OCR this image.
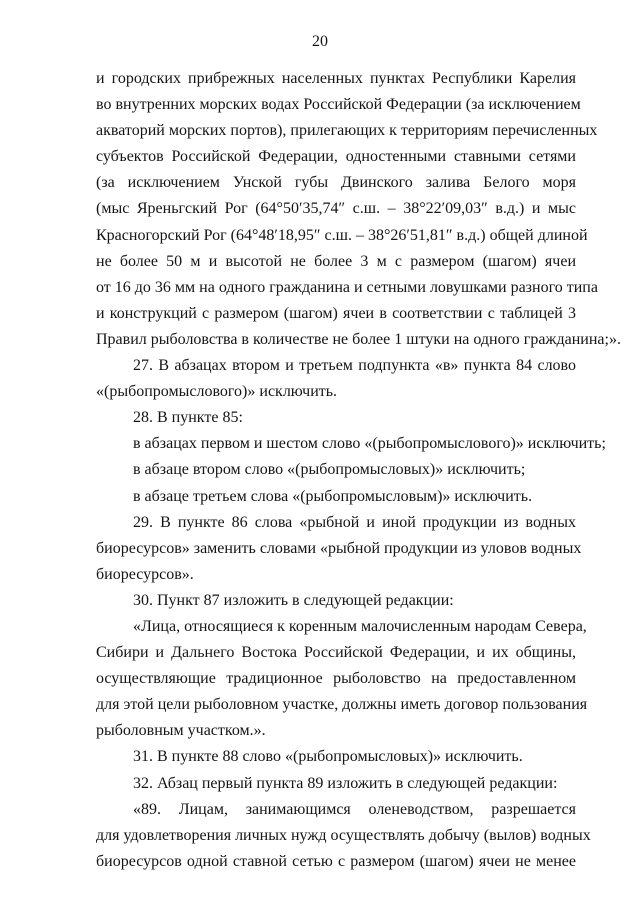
20

и городских прибрежных населенных пунктах Республики Карелия
во внутренних морских водах Российской Федерации (за исключением
акваторий морских портов), прилегающих к территориям перечисленных
субъектов Российской Федерации, одностенными ставными сетями
(за исключением Унской губы Двинского залива Белого моря
(мыс Яреньгский Рог (64°50′35,74″ с.ш. – 38°22′09,03″ в.д.) и мыс
Красногорский Рог (64°48′18,95″ с.ш. – 38°26′51,81″ в.д.) общей длиной
не более 50 м и высотой не более 3 м с размером (шагом) ячеи
от 16 до 36 мм на одного гражданина и сетными ловушками разного типа
и конструкций с размером (шагом) ячеи в соответствии с таблицей 3
Правил рыболовства в количестве не более 1 штуки на одного гражданина;».

27. В абзацах втором и третьем подпункта «в» пункта 84 слово
«(рыбопромыслового)» исключить.

28. В пункте 85:

в абзацах первом и шестом слово «(рыбопромыслового)» исключить;

в абзаце втором слово «(рыбопромысловых)» исключить;

в абзаце третьем слова «(рыбопромысловым)» исключить.

29. В пункте 86 слова «рыбной и иной продукции из водных
биоресурсов» заменить словами «рыбной продукции из уловов водных
биоресурсов».

30. Пункт 87 изложить в следующей редакции:

«Лица, относящиеся к коренным малочисленным народам Севера,
Сибири и Дальнего Востока Российской Федерации, и их общины,
осуществляющие традиционное рыболовство на предоставленном
для этой цели рыболовном участке, должны иметь договор пользования
рыболовным участком.».

31. В пункте 88 слово «(рыбопромысловых)» исключить.

32. Абзац первый пункта 89 изложить в следующей редакции:

«89. Лицам, занимающимся оленеводством, разрешается
для удовлетворения личных нужд осуществлять добычу (вылов) водных
биоресурсов одной ставной сетью с размером (шагом) ячеи не менее
